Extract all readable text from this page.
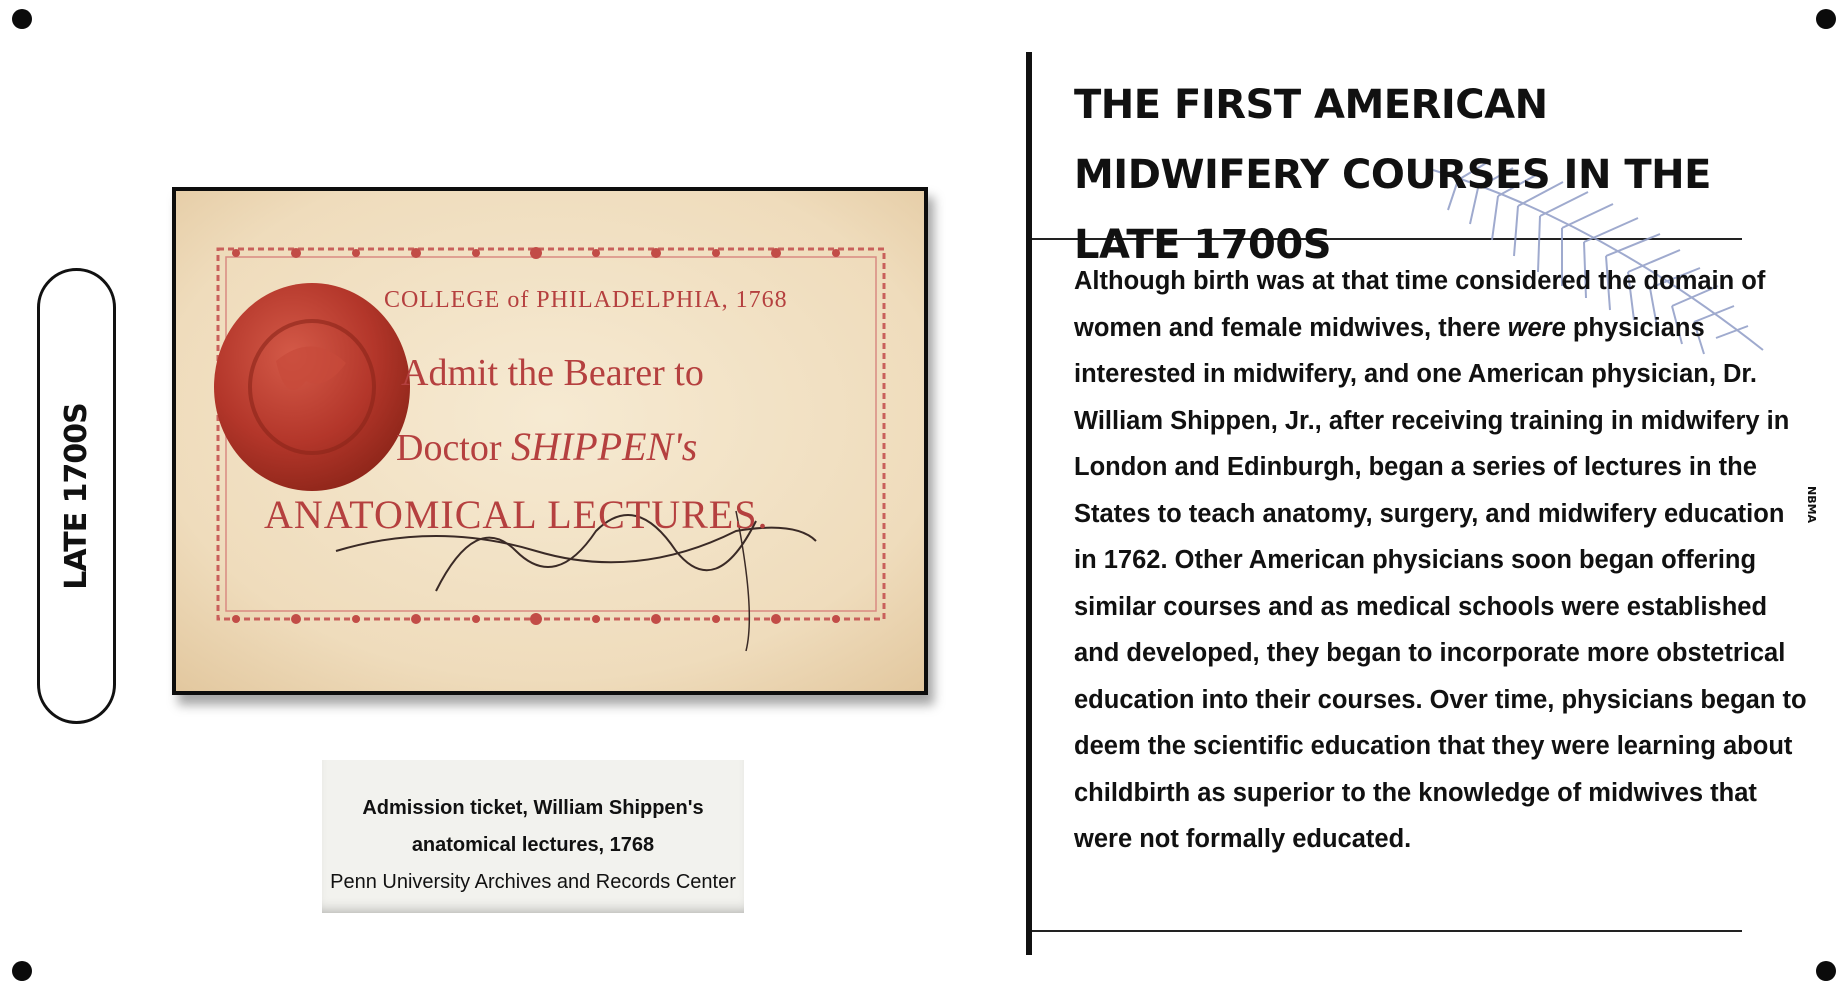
LATE 1700S
COLLEGE of PHILADELPHIA, 1768
Admit the Bearer to
Doctor SHIPPEN's
ANATOMICAL LECTURES.
Admission ticket, William Shippen's anatomical lectures, 1768
Penn University Archives and Records Center
THE FIRST AMERICAN MIDWIFERY COURSES IN THE LATE 1700S
Although birth was at that time considered the domain of women and female midwives, there were physicians interested in midwifery, and one American physician, Dr. William Shippen, Jr., after receiving training in midwifery in London and Edinburgh, began a series of lectures in the States to teach anatomy, surgery, and midwifery education in 1762. Other American physicians soon began offering similar courses and as medical schools were established and developed, they began to incorporate more obstetrical education into their courses. Over time, physicians began to deem the scientific education that they were learning about childbirth as superior to the knowledge of midwives that were not formally educated.
NBMA
